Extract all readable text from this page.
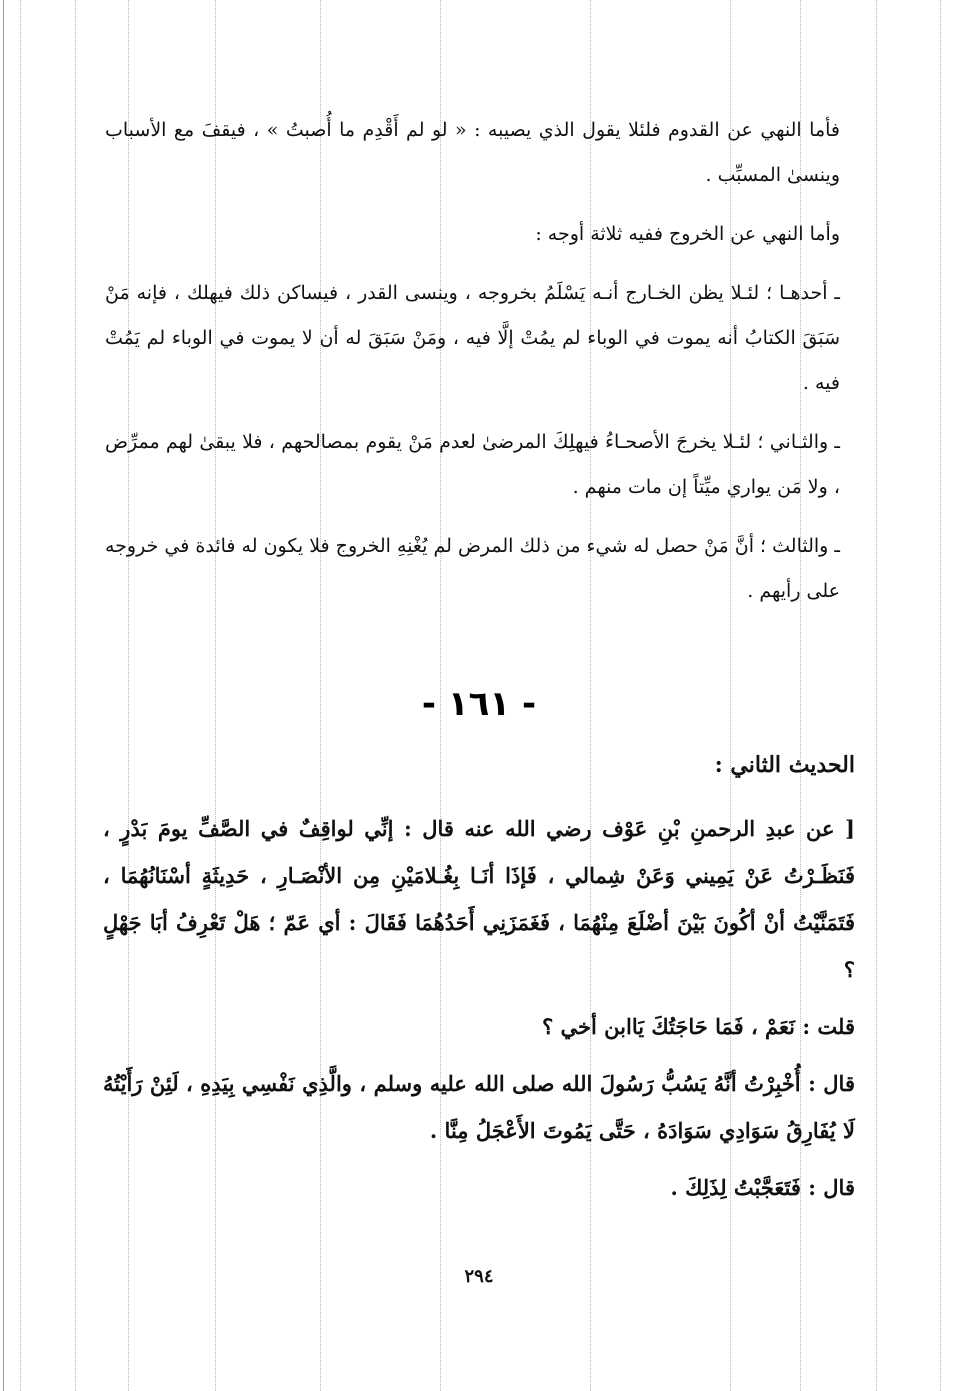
فأما النهي عن القدوم فلئلا يقول الذي يصيبه : « لو لم أَقْدِم ما أُصبتُ » ، فيقفَ مع الأسباب وينسىٰ المسبِّب .

وأما النهي عن الخروج ففيه ثلاثة أوجه :

ـ أحدهـا ؛ لئـلا يظن الخـارج أنـه يَسْلَمُ بخروجه ، وينسى القدر ، فيساكن ذلك فيهلك ، فإنه مَنْ سَبَقَ الكتابُ أنه يموت في الوباء لم يمُتْ إلَّا فيه ، ومَنْ سَبَقَ له أن لا يموت في الوباء لم يَمُتْ فيه .

ـ والثـاني ؛ لئـلا يخرجَ الأصحـاءُ فيهلِكَ المرضىٰ لعدم مَنْ يقوم بمصالحهم ، فلا يبقىٰ لهم ممرِّض ، ولا مَن يواري ميِّتاً إن مات منهم .

ـ والثالث ؛ أنَّ مَنْ حصل له شيء من ذلك المرض لم يُغْنِهِ الخروج فلا يكون له فائدة في خروجه على رأيهم .

- ١٦١ -
الحديث الثاني :

[ عن عبدِ الرحمنِ بْنِ عَوْف رضي الله عنه قال : إنِّي لواقِفٌ في الصَّفِّ يومَ بَدْرٍ ، فَنَظَـرْتُ عَنْ يَمِيني وَعَنْ شِمالي ، فَإذَا أنَـا بِغُـلامَيْنِ مِن الأنْصَـارِ ، حَدِيثَةٍ أسْنَانُهُمَا ، فَتَمَنَّيْتُ أنْ أكُونَ بَيْنَ أضْلَعَ مِنْهُمَا ، فَغَمَزَنِي أَحَدُهُمَا فَقَالَ : أي عَمّ ؛ هَلْ تَعْرِفُ أبَا جَهْلٍ ؟

قلت : نَعَمْ ، فَمَا حَاجَتُكَ يَاابن أخي ؟

قال : أُخْبِرْتُ أنَّهُ يَسُبُّ رَسُولَ الله صلى الله عليه وسلم ، والَّذِي نَفْسِي بِيَدِهِ ، لَئِنْ رَأَيْتُهُ لَا يُفَارِقُ سَوَادِي سَوَادَهُ ، حَتَّى يَمُوتَ الأَعْجَلُ مِنَّا .

قال : فَتَعَجَّبْتُ لِذَلِكَ .

٢٩٤
